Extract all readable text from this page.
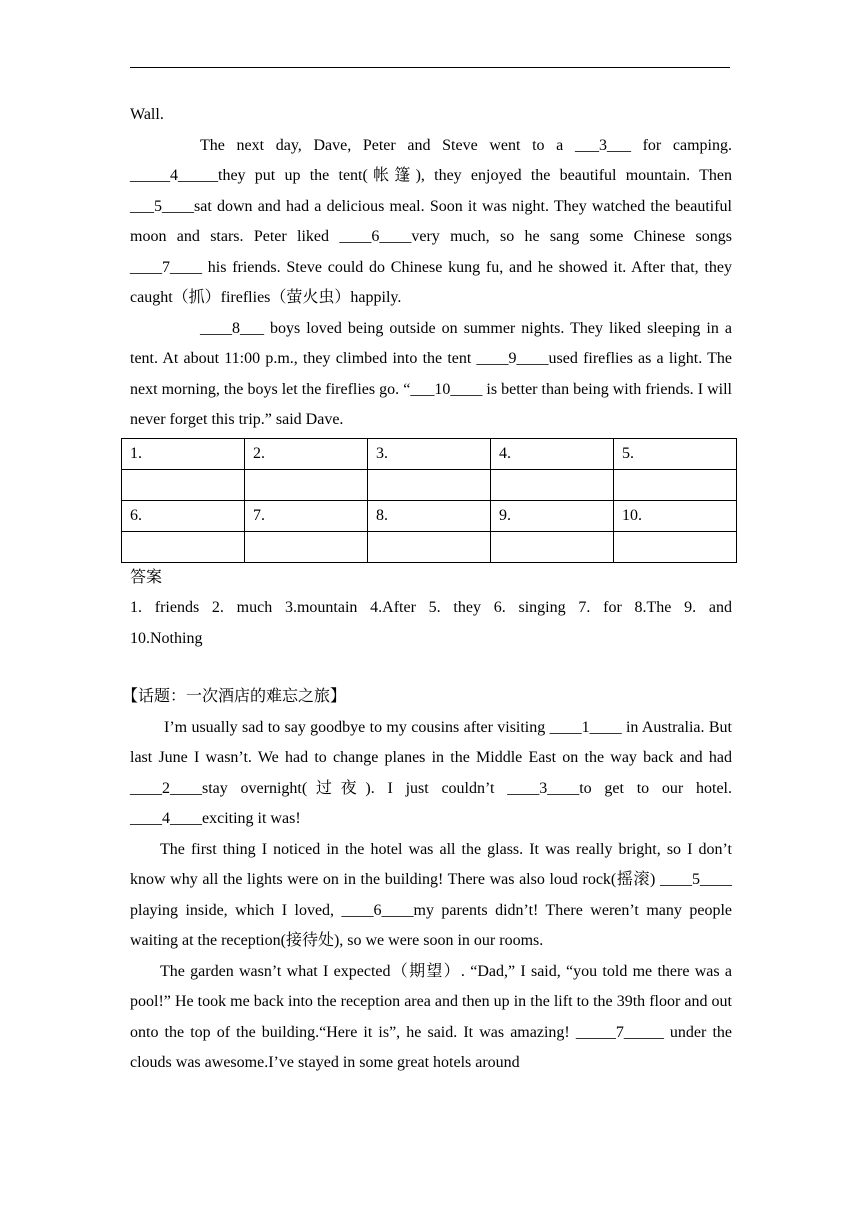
Wall.

The next day, Dave, Peter and Steve went to a ___3___ for camping. _____4_____they put up the tent(帐篷), they enjoyed the beautiful mountain. Then ___5____sat down and had a delicious meal. Soon it was night. They watched the beautiful moon and stars. Peter liked ____6____very much, so he sang some Chinese songs ____7____ his friends. Steve could do Chinese kung fu, and he showed it. After that, they caught（抓）fireflies（萤火虫）happily.

____8___ boys loved being outside on summer nights. They liked sleeping in a tent. At about 11:00 p.m., they climbed into the tent ____9____used fireflies as a light. The next morning, the boys let the fireflies go. “___10____ is better than being with friends. I will never forget this trip.” said Dave.

1.	2.	3.	4.	5.

6.	7.	8.	9.	10.

答案

1. friends 2. much 3.mountain 4.After 5. they 6. singing 7. for 8.The 9. and

10.Nothing

【话题：一次酒店的难忘之旅】

I’m usually sad to say goodbye to my cousins after visiting ____1____ in Australia. But last June I wasn’t. We had to change planes in the Middle East on the way back and had ____2____stay overnight(过夜). I just couldn’t ____3____to get to our hotel. ____4____exciting it was!

The first thing I noticed in the hotel was all the glass. It was really bright, so I don’t know why all the lights were on in the building! There was also loud rock(摇滚) ____5____ playing inside, which I loved, ____6____my parents didn’t! There weren’t many people waiting at the reception(接待处), so we were soon in our rooms.

The garden wasn’t what I expected（期望）. “Dad,” I said, “you told me there was a pool!” He took me back into the reception area and then up in the lift to the 39th floor and out onto the top of the building.“Here it is”, he said. It was amazing! _____7_____ under the clouds was awesome.I’ve stayed in some great hotels around
